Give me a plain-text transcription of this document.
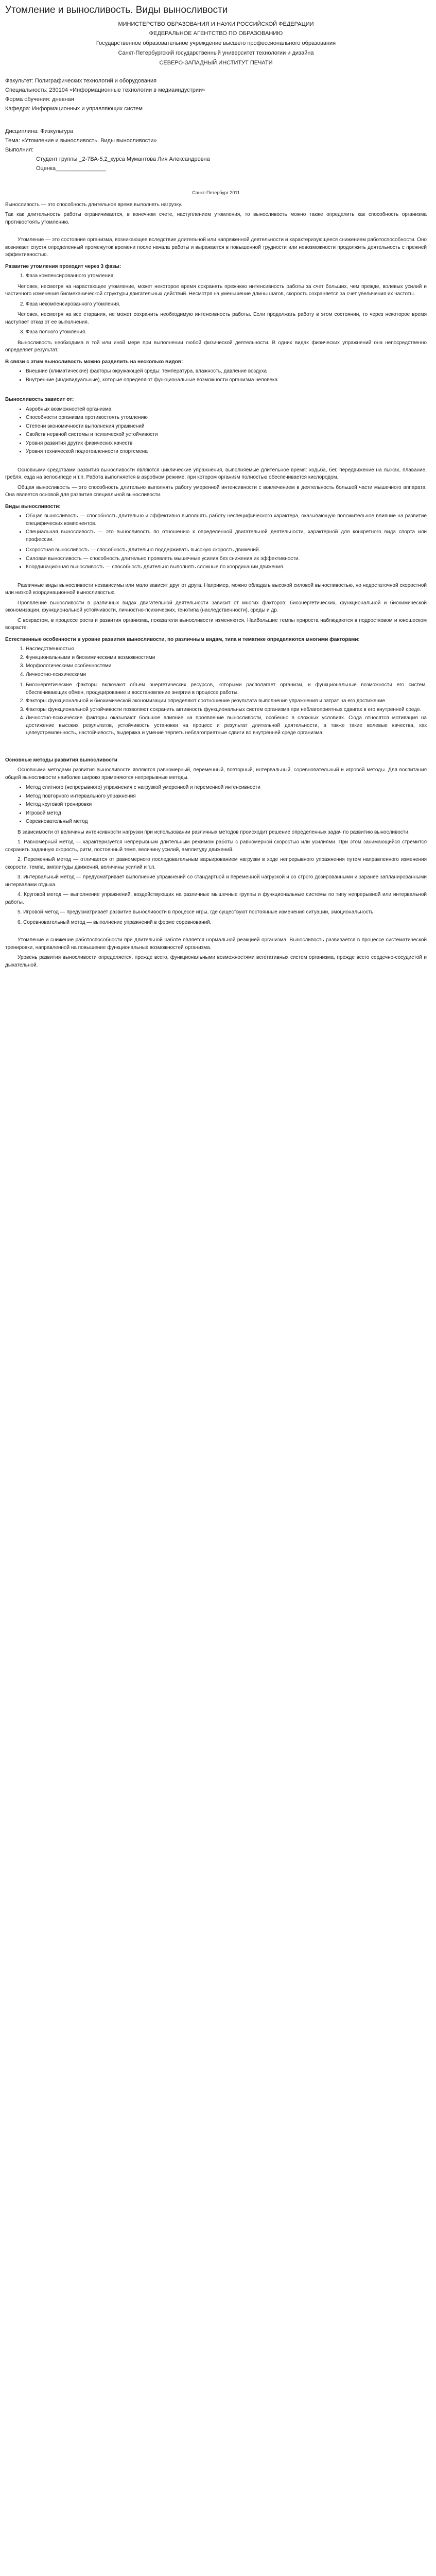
Утомление и выносливость. Виды выносливости
МИНИСТЕРСТВО ОБРАЗОВАНИЯ И НАУКИ РОССИЙСКОЙ ФЕДЕРАЦИИ
ФЕДЕРАЛЬНОЕ АГЕНТСТВО ПО ОБРАЗОВАНИЮ
Государственное образовательное учреждение высшего профессионального образования
Санкт-Петербургский государственный университет технологии и дизайна
СЕВЕРО-ЗАПАДНЫЙ ИНСТИТУТ ПЕЧАТИ
Факультет: Полиграфических технологий и оборудования
Специальность: 230104 «Информационные технологии в медиаиндустрии»
Форма обучения: дневная
Кафедра: Информационных и управляющих систем
Дисциплина: Физкультура
Тема: «Утомление и выносливость. Виды выносливости»
Выполнил:
Студент группы _2-7ВА-5,2_курса Мумантова Лия Александровна
Оценка________________
Санкт-Петербург 2011

Выносливость — это способность длительное время выполнять нагрузку.

Так как длительность работы ограничивается, в конечном счете, наступлением утомления, то выносливость можно также определить как способность организма противостоять утомлению.

Утомление — это состояние организма, возникающее вследствие длительной или напряженной деятельности и характеризующееся снижением работоспособности. Оно возникает спустя определенный промежуток времени после начала работы и выражается в повышенной трудности или невозможности продолжить деятельность с прежней эффективностью.

Развитие утомления проходит через 3 фазы:

1. Фаза компенсированного утомления.

Человек, несмотря на нарастающее утомление, может некоторое время сохранять прежнюю интенсивность работы за счет больших, чем прежде, волевых усилий и частичного изменения биомеханической структуры двигательных действий. Несмотря на уменьшение длины шагов, скорость сохраняется за счет увеличения их частоты.

2. Фаза некомпенсированного утомления.

Человек, несмотря на все старания, не может сохранить необходимую интенсивность работы. Если продолжать работу в этом состоянии, то через некоторое время наступает отказ от ее выполнения.

3. Фаза полного утомления.

Выносливость необходима в той или иной мере при выполнении любой физической деятельности. В одних видах физических упражнений она непосредственно определяет результат.

В связи с этим выносливость можно разделить на несколько видов:

• Внешние (климатические) факторы окружающей среды: температура, влажность, давление воздуха
• Внутренние (индивидуальные), которые определяют функциональные возможности организма человека

Выносливость зависит от:

• Аэробных возможностей организма
• Способности организма противостоять утомлению
• Степени экономичности выполнения упражнений
• Свойств нервной системы и психической устойчивости
• Уровня развития других физических качеств
• Уровня технической подготовленности спортсмена

Основными средствами развития выносливости являются циклические упражнения, выполняемые длительное время: ходьба, бег, передвижение на лыжах, плавание, гребля, езда на велосипеде и т.п. Работа выполняется в аэробном режиме, при котором организм полностью обеспечивается кислородом.

Общая выносливость — это способность длительно выполнять работу умеренной интенсивности с вовлечением в деятельность большей части мышечного аппарата. Она является основой для развития специальной выносливости.

Виды выносливости:

• Общая выносливость — способность длительно и эффективно выполнять работу неспецифического характера, оказывающую положительное влияние на развитие специфических компонентов.
• Специальная выносливость — это выносливость по отношению к определенной двигательной деятельности, характерной для конкретного вида спорта или профессии.
• Скоростная выносливость — способность длительно поддерживать высокую скорость движений.
• Силовая выносливость — способность длительно проявлять мышечные усилия без снижения их эффективности.
• Координационная выносливость — способность длительно выполнять сложные по координации движения.

Различные виды выносливости независимы или мало зависят друг от друга. Например, можно обладать высокой силовой выносливостью, но недостаточной скоростной или низкой координационной выносливостью.

Проявление выносливости в различных видах двигательной деятельности зависит от многих факторов: биоэнергетических, функциональной и биохимической экономизации, функциональной устойчивости, личностно-психических, генотипа (наследственности), среды и др.

С возрастом, в процессе роста и развития организма, показатели выносливости изменяются. Наибольшие темпы прироста наблюдаются в подростковом и юношеском возрасте.

Естественные особенности в уровне развития выносливости, по различным видам, типа и тематике определяются многими факторами:

1. Наследственностью
2. Функциональными и биохимическими возможностями
3. Морфологическими особенностями
4. Личностно-психическими
1. Биоэнергетические факторы включают объем энергетических ресурсов, которыми располагает организм, и функциональные возможности его систем, обеспечивающих обмен, продуцирование и восстановление энергии в процессе работы.
2. Факторы функциональной и биохимической экономизации определяют соотношение результата выполнения упражнения и затрат на его достижение.
3. Факторы функциональной устойчивости позволяют сохранить активность функциональных систем организма при неблагоприятных сдвигах в его внутренней среде.
4. Личностно-психические факторы оказывают большое влияние на проявление выносливости, особенно в сложных условиях. Сюда относятся мотивация на достижение высоких результатов, устойчивость установки на процесс и результат длительной деятельности, а также такие волевые качества, как целеустремленность, настойчивость, выдержка и умение терпеть неблагоприятные сдвиги во внутренней среде организма.

Основные методы развития выносливости

Основными методами развития выносливости являются равномерный, переменный, повторный, интервальный, соревновательный и игровой методы. Для воспитания общей выносливости наиболее широко применяются непрерывные методы.

• Метод слитного (непрерывного) упражнения с нагрузкой умеренной и переменной интенсивности
• Метод повторного интервального упражнения
• Метод круговой тренировки
• Игровой метод
• Соревновательный метод

В зависимости от величины интенсивности нагрузки при использовании различных методов происходит решение определенных задач по развитию выносливости.

1. Равномерный метод — характеризуется непрерывным длительным режимом работы с равномерной скоростью или усилиями. При этом занимающийся стремится сохранить заданную скорость, ритм, постоянный темп, величину усилий, амплитуду движений.

2. Переменный метод — отличается от равномерного последовательным варьированием нагрузки в ходе непрерывного упражнения путем направленного изменения скорости, темпа, амплитуды движений, величины усилий и т.п.

3. Интервальный метод — предусматривает выполнение упражнений со стандартной и переменной нагрузкой и со строго дозированными и заранее запланированными интервалами отдыха.

4. Круговой метод — выполнение упражнений, воздействующих на различные мышечные группы и функциональные системы по типу непрерывной или интервальной работы.

5. Игровой метод — предусматривает развитие выносливости в процессе игры, где существуют постоянные изменения ситуации, эмоциональность.

6. Соревновательный метод — выполнение упражнений в форме соревнований.

Утомление и снижение работоспособности при длительной работе является нормальной реакцией организма. Выносливость развивается в процессе систематической тренировки, направленной на повышение функциональных возможностей организма.

Уровень развития выносливости определяется, прежде всего, функциональными возможностями вегетативных систем организма, прежде всего сердечно-сосудистой и дыхательной.
